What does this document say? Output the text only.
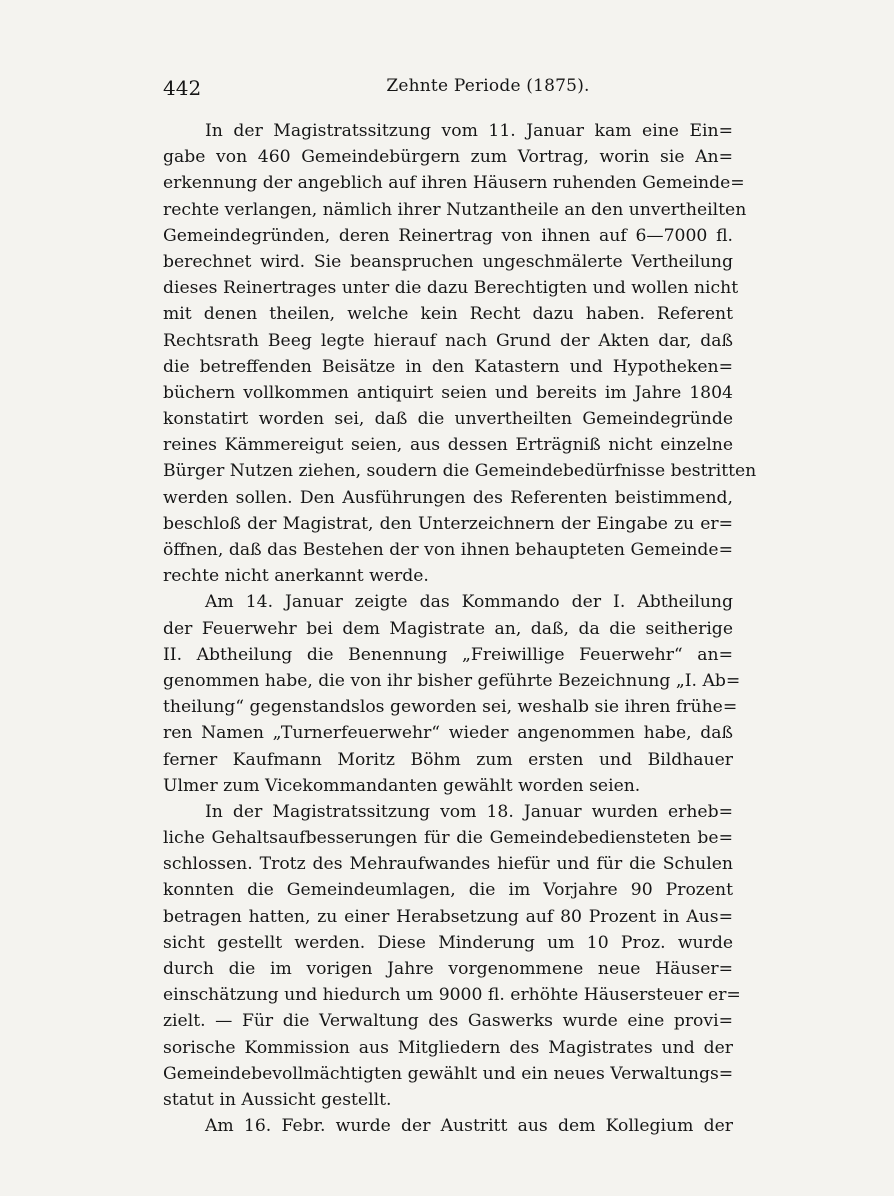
442	Zehnte Periode (1875).
In der Magistratssitzung vom 11. Januar kam eine Ein=
gabe von 460 Gemeindebürgern zum Vortrag, worin sie An=
erkennung der angeblich auf ihren Häusern ruhenden Gemeinde=
rechte verlangen, nämlich ihrer Nutzantheile an den unvertheilten
Gemeindegründen, deren Reinertrag von ihnen auf 6—7000 fl.
berechnet wird. Sie beanspruchen ungeschmälerte Vertheilung
dieses Reinertrages unter die dazu Berechtigten und wollen nicht
mit denen theilen, welche kein Recht dazu haben. Referent
Rechtsrath Beeg legte hierauf nach Grund der Akten dar, daß
die betreffenden Beisätze in den Katastern und Hypotheken=
büchern vollkommen antiquirt seien und bereits im Jahre 1804
konstatirt worden sei, daß die unvertheilten Gemeindegründe
reines Kämmereigut seien, aus dessen Erträgniß nicht einzelne
Bürger Nutzen ziehen, soudern die Gemeindebedürfnisse bestritten
werden sollen. Den Ausführungen des Referenten beistimmend,
beschloß der Magistrat, den Unterzeichnern der Eingabe zu er=
öffnen, daß das Bestehen der von ihnen behaupteten Gemeinde=
rechte nicht anerkannt werde.
Am 14. Januar zeigte das Kommando der I. Abtheilung
der Feuerwehr bei dem Magistrate an, daß, da die seitherige
II. Abtheilung die Benennung „Freiwillige Feuerwehr“ an=
genommen habe, die von ihr bisher geführte Bezeichnung „I. Ab=
theilung“ gegenstandslos geworden sei, weshalb sie ihren frühe=
ren Namen „Turnerfeuerwehr“ wieder angenommen habe, daß
ferner Kaufmann Moritz Böhm zum ersten und Bildhauer
Ulmer zum Vicekommandanten gewählt worden seien.
In der Magistratssitzung vom 18. Januar wurden erheb=
liche Gehaltsaufbesserungen für die Gemeindebediensteten be=
schlossen. Trotz des Mehraufwandes hiefür und für die Schulen
konnten die Gemeindeumlagen, die im Vorjahre 90 Prozent
betragen hatten, zu einer Herabsetzung auf 80 Prozent in Aus=
sicht gestellt werden. Diese Minderung um 10 Proz. wurde
durch die im vorigen Jahre vorgenommene neue Häuser=
einschätzung und hiedurch um 9000 fl. erhöhte Häusersteuer er=
zielt. — Für die Verwaltung des Gaswerks wurde eine provi=
sorische Kommission aus Mitgliedern des Magistrates und der
Gemeindebevollmächtigten gewählt und ein neues Verwaltungs=
statut in Aussicht gestellt.
Am 16. Febr. wurde der Austritt aus dem Kollegium der
